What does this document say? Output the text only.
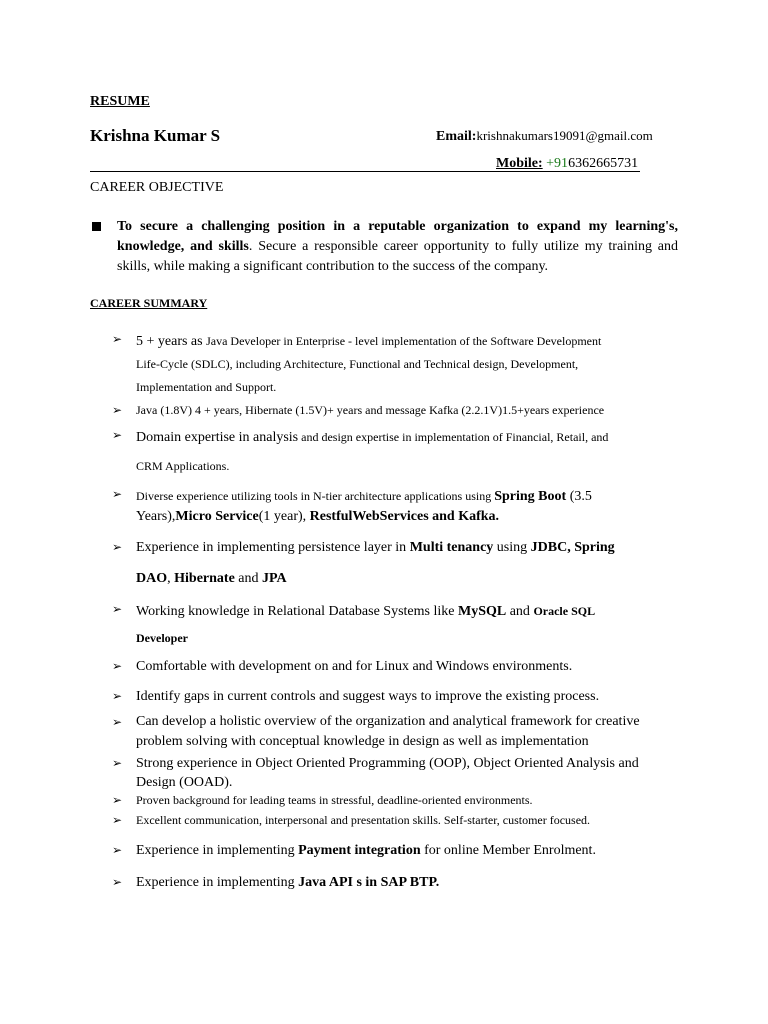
RESUME
Krishna Kumar S	Email:krishnakumars19091@gmail.com
Mobile: +916362665731
CAREER OBJECTIVE
To secure a challenging position in a reputable organization to expand my learning's, knowledge, and skills. Secure a responsible career opportunity to fully utilize my training and skills, while making a significant contribution to the success of the company.
CAREER SUMMARY
➢ 5 + years as Java Developer in Enterprise - level implementation of the Software Development
Life-Cycle (SDLC), including Architecture, Functional and Technical design, Development,
Implementation and Support.
➢ Java (1.8V) 4 + years, Hibernate (1.5V)+ years and message Kafka (2.2.1V)1.5+years experience
➢ Domain expertise in analysis and design expertise in implementation of Financial, Retail, and
CRM Applications.
➢ Diverse experience utilizing tools in N-tier architecture applications using Spring Boot (3.5
Years),Micro Service(1 year), RestfulWebServices and Kafka.
➢ Experience in implementing persistence layer in Multi tenancy using JDBC, Spring
DAO, Hibernate and JPA
➢ Working knowledge in Relational Database Systems like MySQL and Oracle SQL
Developer
➢ Comfortable with development on and for Linux and Windows environments.
➢ Identify gaps in current controls and suggest ways to improve the existing process.
➢ Can develop a holistic overview of the organization and analytical framework for creative problem solving with conceptual knowledge in design as well as implementation
➢ Strong experience in Object Oriented Programming (OOP), Object Oriented Analysis and Design (OOAD).
➢ Proven background for leading teams in stressful, deadline-oriented environments.
➢ Excellent communication, interpersonal and presentation skills. Self-starter, customer focused.
➢ Experience in implementing Payment integration for online Member Enrolment.
➢ Experience in implementing Java API s in SAP BTP.
